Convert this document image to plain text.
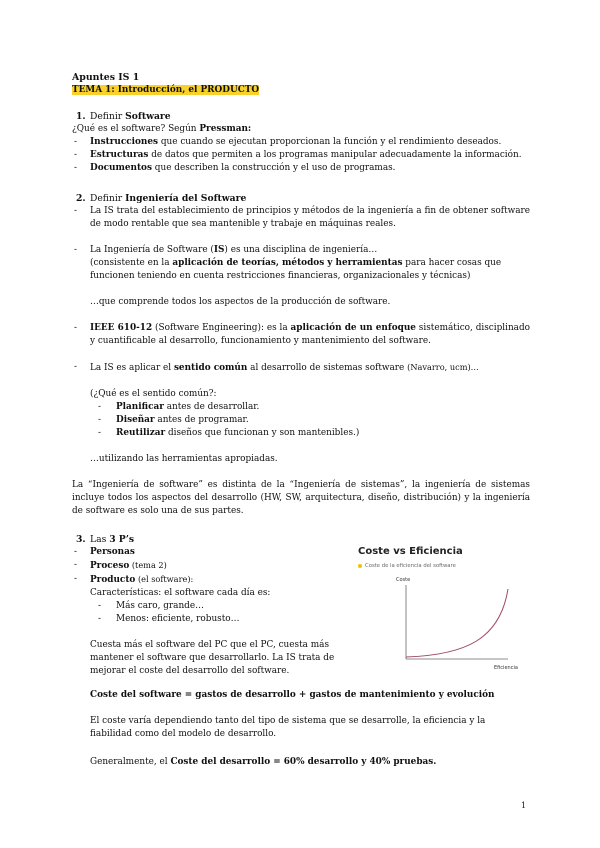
Apuntes IS 1
TEMA 1: Introducción, el PRODUCTO
1. Definir Software
¿Qué es el software? Según Pressman:
- Instrucciones que cuando se ejecutan proporcionan la función y el rendimiento deseados.
- Estructuras de datos que permiten a los programas manipular adecuadamente la información.
- Documentos que describen la construcción y el uso de programas.
2. Definir Ingeniería del Software
- La IS trata del establecimiento de principios y métodos de la ingeniería a fin de obtener software de modo rentable que sea mantenible y trabaje en máquinas reales.
- La Ingeniería de Software (IS) es una disciplina de ingeniería…
(consistente en la aplicación de teorías, métodos y herramientas para hacer cosas que funcionen teniendo en cuenta restricciones financieras, organizacionales y técnicas)
…que comprende todos los aspectos de la producción de software.
- IEEE 610-12 (Software Engineering): es la aplicación de un enfoque sistemático, disciplinado y cuantificable al desarrollo, funcionamiento y mantenimiento del software.
- La IS es aplicar el sentido común al desarrollo de sistemas software (Navarro, ucm)…
(¿Qué es el sentido común?:
- Planificar antes de desarrollar.
- Diseñar antes de programar.
- Reutilizar diseños que funcionan y son mantenibles.)
…utilizando las herramientas apropiadas.
La “Ingeniería de software” es distinta de la “Ingeniería de sistemas”, la ingeniería de sistemas incluye todos los aspectos del desarrollo (HW, SW, arquitectura, diseño, distribución) y la ingeniería de software es solo una de sus partes.
3. Las 3 P’s
- Personas
- Proceso (tema 2)
- Producto (el software):
Características: el software cada día es:
- Más caro, grande…
- Menos: eficiente, robusto…
Cuesta más el software del PC que el PC, cuesta más mantener el software que desarrollarlo. La IS trata de mejorar el coste del desarrollo del software.
Coste vs Eficiencia
Coste de la eficiencia del software
Coste
Eficiencia
Coste del software = gastos de desarrollo + gastos de mantenimiento y evolución
El coste varía dependiendo tanto del tipo de sistema que se desarrolle, la eficiencia y la fiabilidad como del modelo de desarrollo.
Generalmente, el Coste del desarrollo = 60% desarrollo y 40% pruebas.
1
